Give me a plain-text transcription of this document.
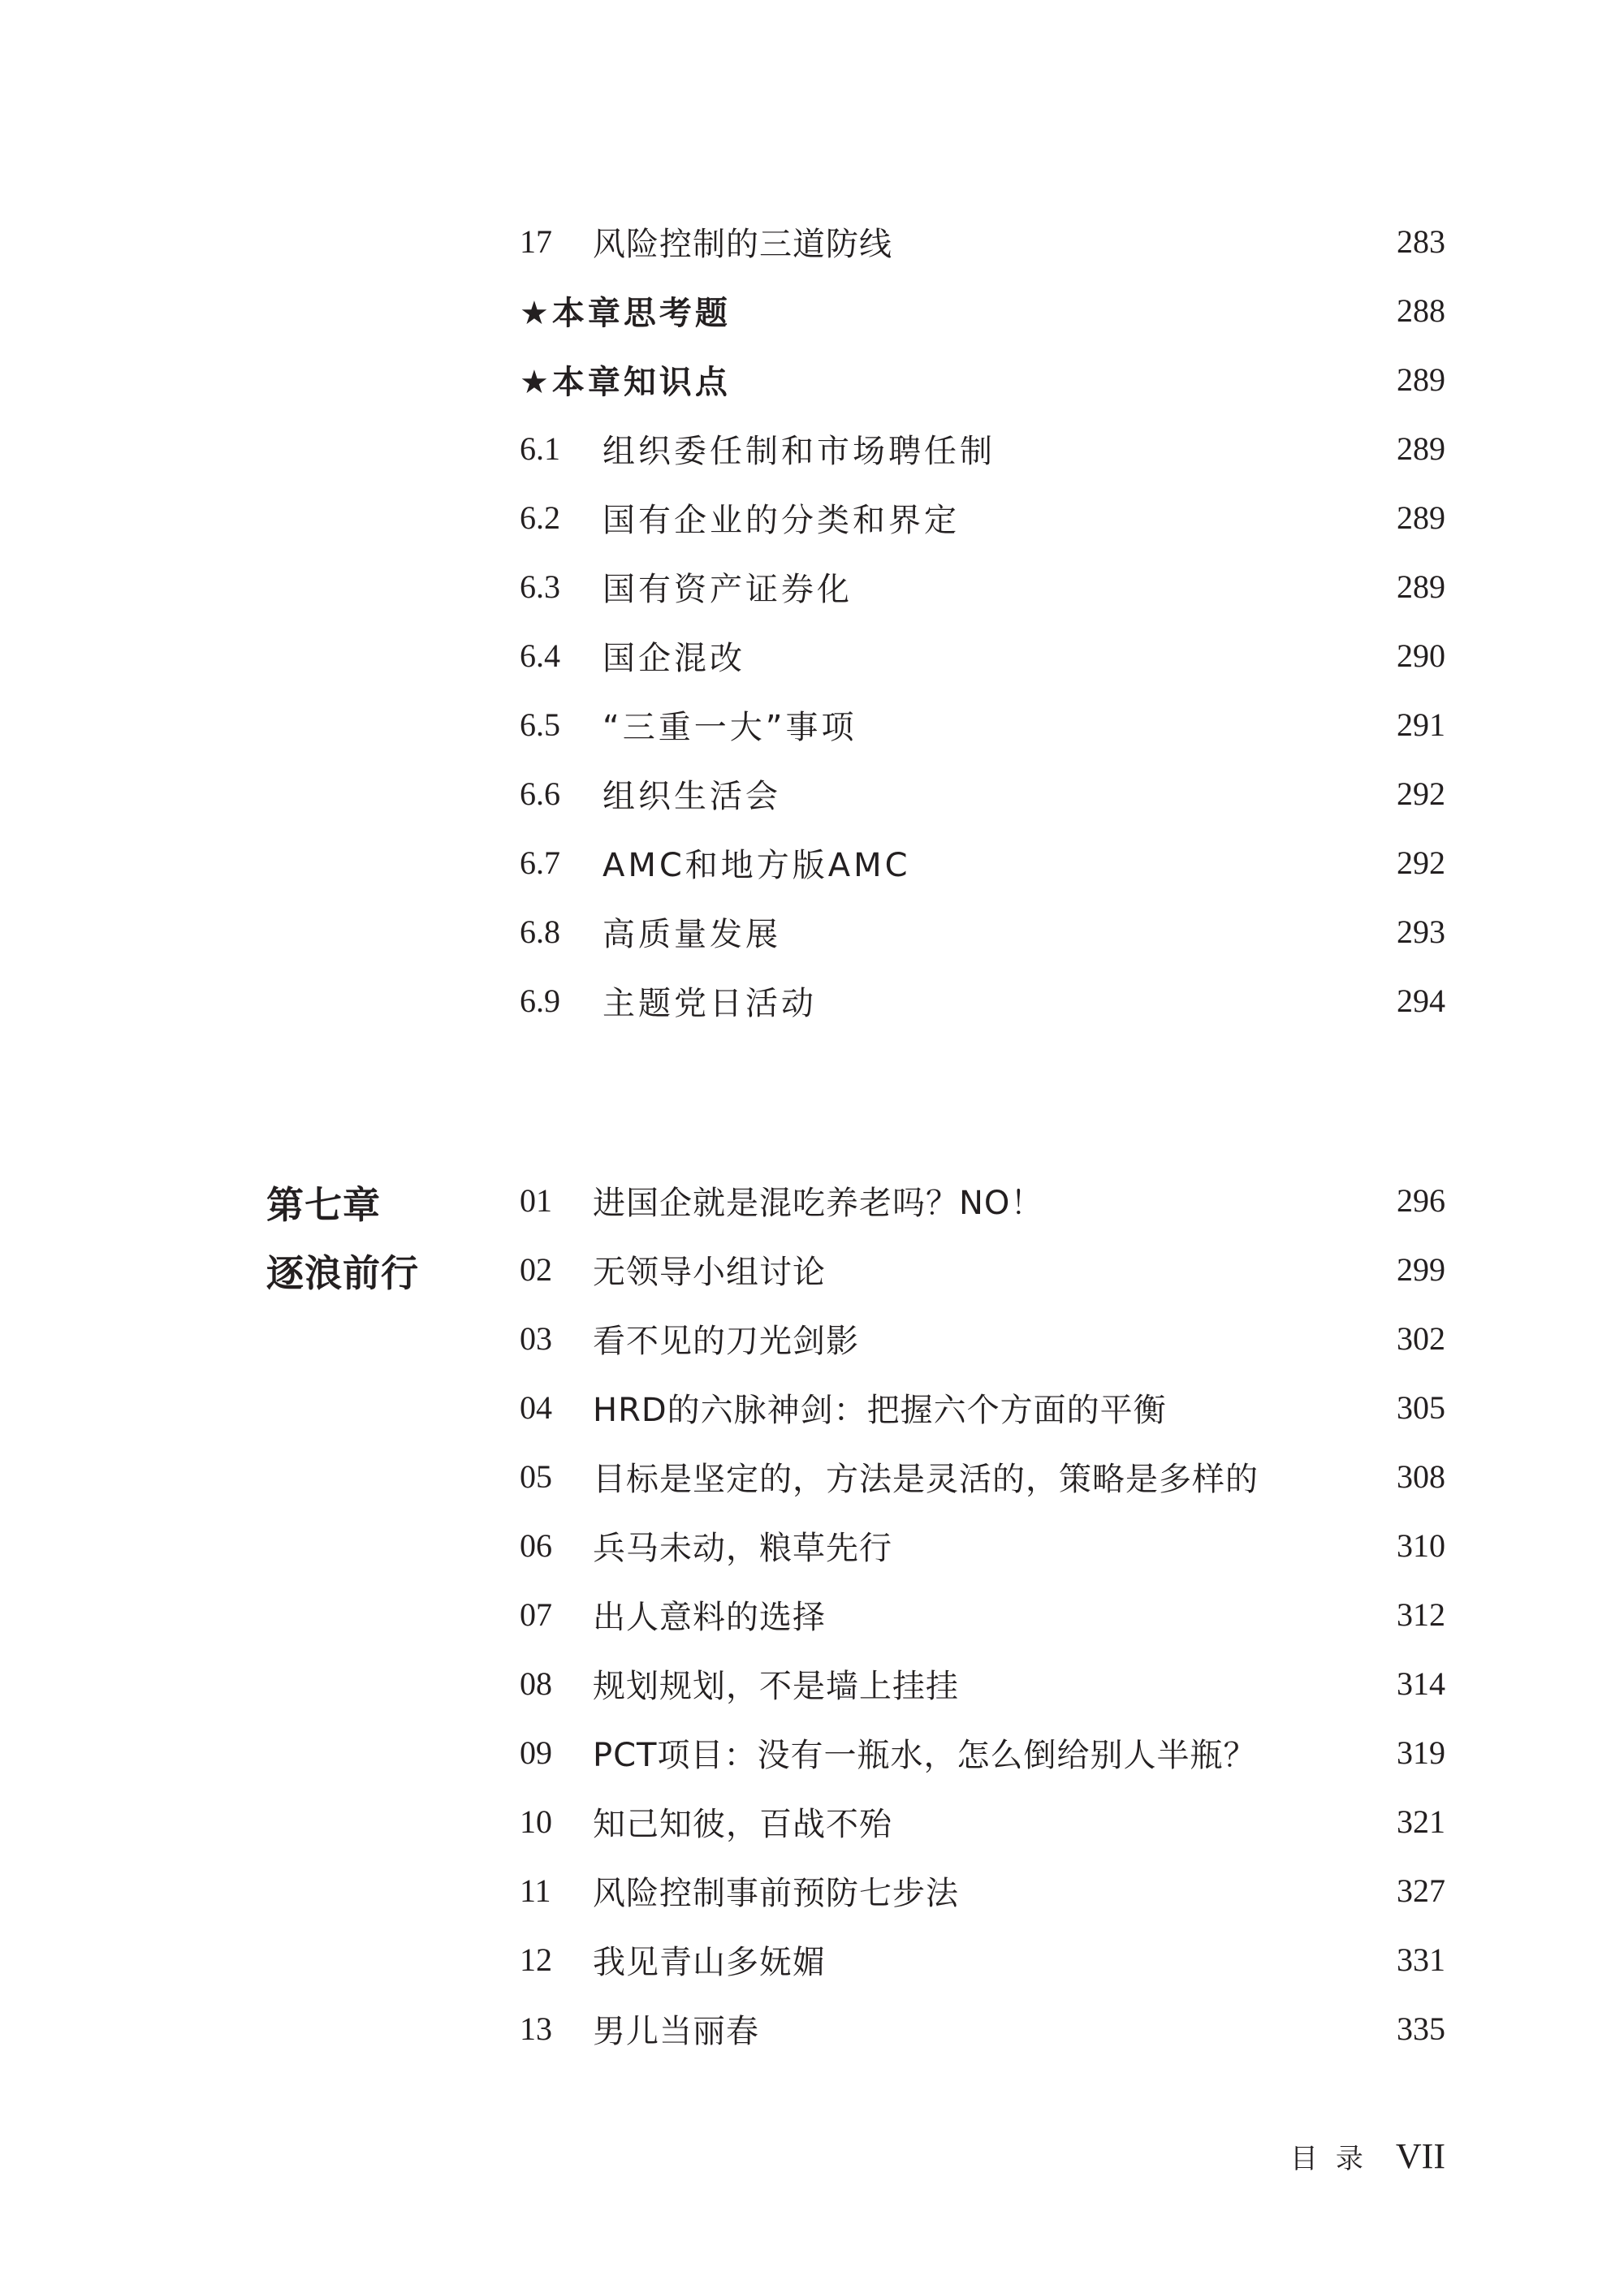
17	风险控制的三道防线	283
★本章思考题	288
★本章知识点	289
6.1	组织委任制和市场聘任制	289
6.2	国有企业的分类和界定	289
6.3	国有资产证券化	289
6.4	国企混改	290
6.5	“三重一大”事项	291
6.6	组织生活会	292
6.7	AMC和地方版AMC	292
6.8	高质量发展	293
6.9	主题党日活动	294
第七章
逐浪前行
01	进国企就是混吃养老吗？NO！	296
02	无领导小组讨论	299
03	看不见的刀光剑影	302
04	HRD的六脉神剑：把握六个方面的平衡	305
05	目标是坚定的，方法是灵活的，策略是多样的	308
06	兵马未动，粮草先行	310
07	出人意料的选择	312
08	规划规划，不是墙上挂挂	314
09	PCT项目：没有一瓶水，怎么倒给别人半瓶？	319
10	知己知彼，百战不殆	321
11	风险控制事前预防七步法	327
12	我见青山多妩媚	331
13	男儿当丽春	335
目录 VII
